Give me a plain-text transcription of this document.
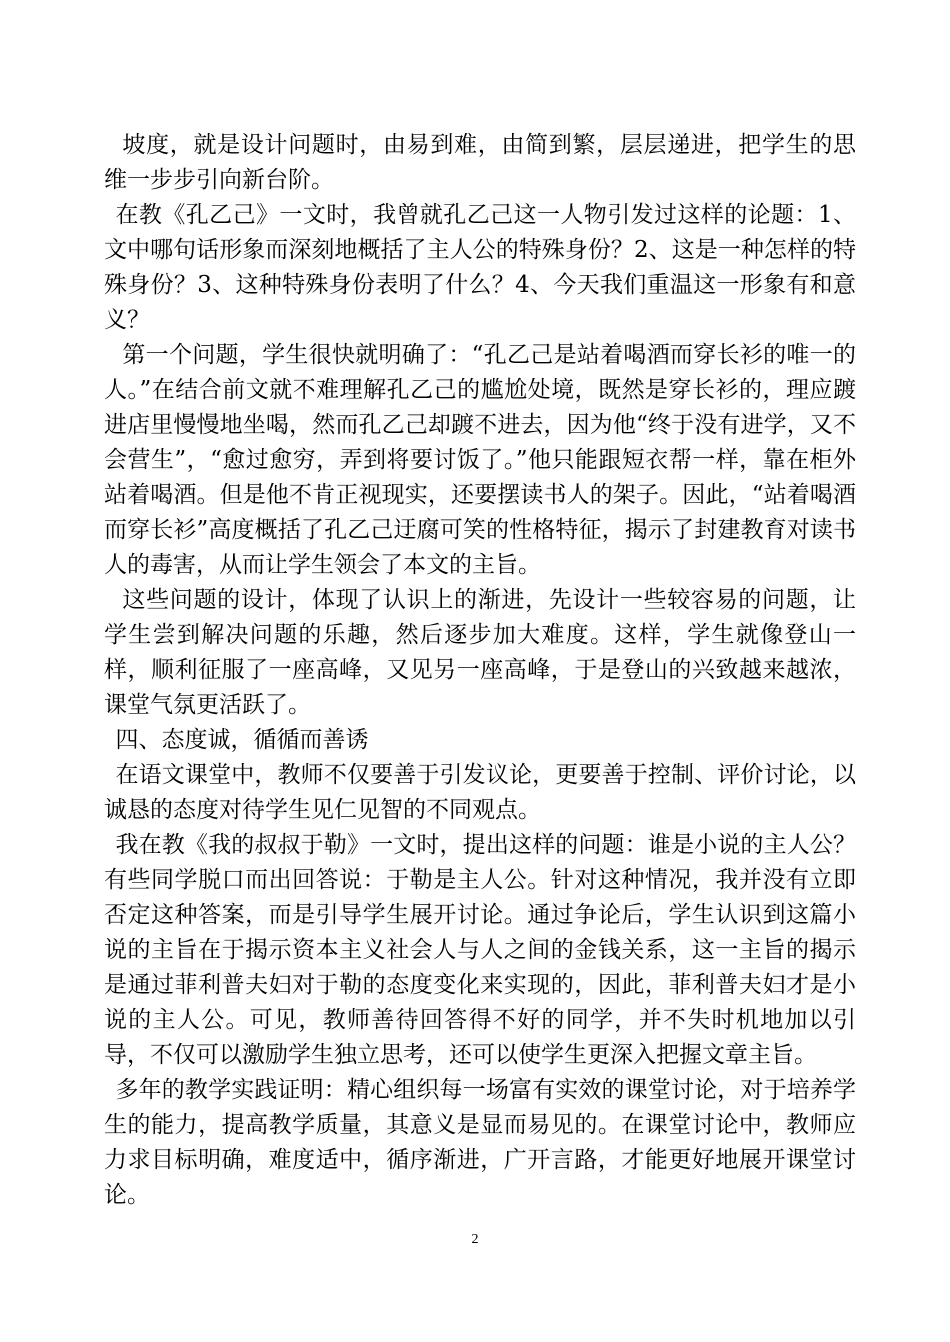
坡度，就是设计问题时，由易到难，由简到繁，层层递进，把学生的思维一步步引向新台阶。

在教《孔乙己》一文时，我曾就孔乙己这一人物引发过这样的论题：1、文中哪句话形象而深刻地概括了主人公的特殊身份？2、这是一种怎样的特殊身份？3、这种特殊身份表明了什么？4、今天我们重温这一形象有和意义？

第一个问题，学生很快就明确了：“孔乙己是站着喝酒而穿长衫的唯一的人。”在结合前文就不难理解孔乙己的尴尬处境，既然是穿长衫的，理应踱进店里慢慢地坐喝，然而孔乙己却踱不进去，因为他“终于没有进学，又不会营生”，“愈过愈穷，弄到将要讨饭了。”他只能跟短衣帮一样，靠在柜外站着喝酒。但是他不肯正视现实，还要摆读书人的架子。因此，“站着喝酒而穿长衫”高度概括了孔乙己迂腐可笑的性格特征，揭示了封建教育对读书人的毒害，从而让学生领会了本文的主旨。

这些问题的设计，体现了认识上的渐进，先设计一些较容易的问题，让学生尝到解决问题的乐趣，然后逐步加大难度。这样，学生就像登山一样，顺利征服了一座高峰，又见另一座高峰，于是登山的兴致越来越浓，课堂气氛更活跃了。

四、态度诚，循循而善诱

在语文课堂中，教师不仅要善于引发议论，更要善于控制、评价讨论，以诚恳的态度对待学生见仁见智的不同观点。

我在教《我的叔叔于勒》一文时，提出这样的问题：谁是小说的主人公？有些同学脱口而出回答说：于勒是主人公。针对这种情况，我并没有立即否定这种答案，而是引导学生展开讨论。通过争论后，学生认识到这篇小说的主旨在于揭示资本主义社会人与人之间的金钱关系，这一主旨的揭示是通过菲利普夫妇对于勒的态度变化来实现的，因此，菲利普夫妇才是小说的主人公。可见，教师善待回答得不好的同学，并不失时机地加以引导，不仅可以激励学生独立思考，还可以使学生更深入把握文章主旨。

多年的教学实践证明：精心组织每一场富有实效的课堂讨论，对于培养学生的能力，提高教学质量，其意义是显而易见的。在课堂讨论中，教师应力求目标明确，难度适中，循序渐进，广开言路，才能更好地展开课堂讨论。

2
